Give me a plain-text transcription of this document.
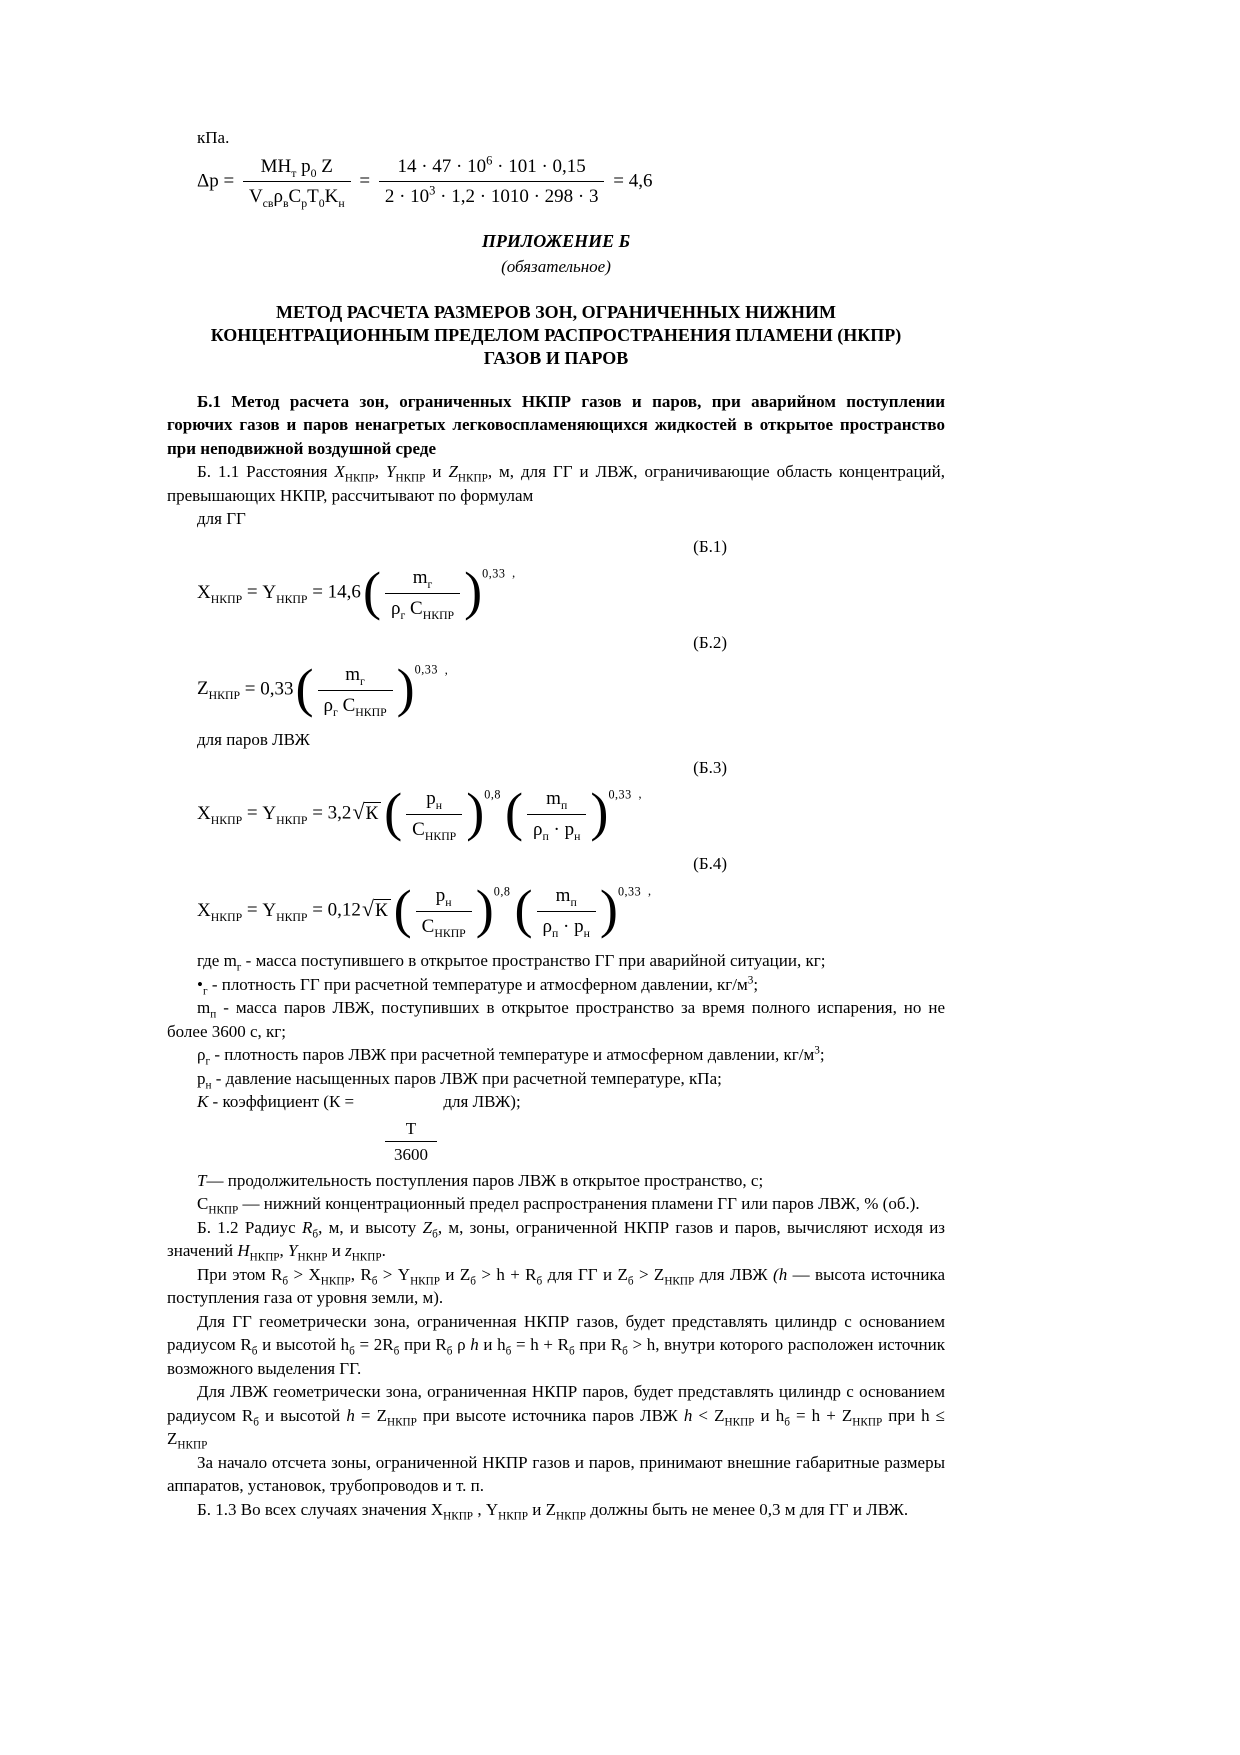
кПа.

$\Delta p = \frac{МН_т p_0 Z}{V_{св}\rho_вC_рT_0K_н} = \frac{14 \cdot 47 \cdot 10^6 \cdot 101 \cdot 0,15}{2 \cdot 10^3 \cdot 1,2 \cdot 1010 \cdot 298 \cdot 3} = 4,6$
ПРИЛОЖЕНИЕ Б
(обязательное)
МЕТОД РАСЧЕТА РАЗМЕРОВ ЗОН, ОГРАНИЧЕННЫХ НИЖНИМ
КОНЦЕНТРАЦИОННЫМ ПРЕДЕЛОМ РАСПРОСТРАНЕНИЯ ПЛАМЕНИ (НКПР)
ГАЗОВ И ПАРОВ

Б.1 Метод расчета зон, ограниченных НКПР газов и паров, при аварийном поступлении горючих газов и паров ненагретых легковоспламеняющихся жидкостей в открытое пространство при неподвижной воздушной среде

Б. 1.1 Расстояния $X_{НКПР}$, $Y_{НКПР}$ и $Z_{НКПР}$, м, для ГГ и ЛВЖ, ограничивающие область концентраций, превышающих НКПР, рассчитывают по формулам

для ГГ

(Б.1)
$X_{НКПР} = Y_{НКПР} = 14,6( \frac{m_г}{\rho_г С_{НКПР}} )^{0,33}$ ,
(Б.2)
$Z_{НКПР} = 0,33( \frac{m_г}{\rho_г С_{НКПР}} )^{0,33}$ ,

для паров ЛВЖ

(Б.3)
$X_{НКПР} = Y_{НКПР} = 3,2√К$ ( $\frac{р_н}{С_{НКПР}} )^{0,8}( \frac{m_п}{\rho_п \cdot р_н} )^{0,33}$ ,
(Б.4)
$X_{НКПР} = Y_{НКПР} = 0,12√К$ ( $\frac{р_н}{С_{НКПР}} )^{0,8}( \frac{m_п}{\rho_п \cdot р_н} )^{0,33}$ ,

где $m_г$ - масса поступившего в открытое пространство ГГ при аварийной ситуации, кг;

$•_г$ - плотность ГГ при расчетной температуре и атмосферном давлении, $кг/м^3$;

$m_п$ - масса паров ЛВЖ, поступивших в открытое пространство за время полного испарения, но не более 3600 с, кг;

$\rho_г$ - плотность паров ЛВЖ при расчетной температуре и атмосферном давлении, $кг/м^3$;

$р_н$ - давление насыщенных паров ЛВЖ при расчетной температуре, кПа;

К - коэффициент (К =	для ЛВЖ);

Т
3600

Т— продолжительность поступления паров ЛВЖ в открытое пространство, с;

$С_{НКПР}$ — нижний концентрационный предел распространения пламени ГГ или паров ЛВЖ, % (об.).

Б. 1.2 Радиус $R_б$, м, и высоту $Z_б$, м, зоны, ограниченной НКПР газов и паров, вычисляют исходя из значений $H_{НКПР}$, $Y_{НКНР}$ и $z_{НКПР}$.

При этом $R_б > X_{НКПР}$, $R_б > Y_{НКПР}$ и $Z_б > h + R_б$ для ГГ и $Z_б > Z_{НКПР}$ для ЛВЖ (h — высота источника поступления газа от уровня земли, м).

Для ГГ геометрически зона, ограниченная НКПР газов, будет представлять цилиндр с основанием радиусом $R_б$ и высотой $h_б = 2R_б$ при $R_б$ ρ h и $h_б = h + R_б$ при $R_б > h$, внутри которого расположен источник возможного выделения ГГ.

Для ЛВЖ геометрически зона, ограниченная НКПР паров, будет представлять цилиндр с основанием радиусом $R_б$ и высотой $h = Z_{НКПР}$ при высоте источника паров ЛВЖ $h < Z_{НКПР}$ и $h_б = h + Z_{НКПР}$ при $h \le Z_{НКПР}$

За начало отсчета зоны, ограниченной НКПР газов и паров, принимают внешние габаритные размеры аппаратов, установок, трубопроводов и т. п.

Б. 1.3 Во всех случаях значения $X_{НКПР}$ , $Y_{НКПР}$ и $Z_{НКПР}$ должны быть не менее 0,3 м для ГГ и ЛВЖ.
